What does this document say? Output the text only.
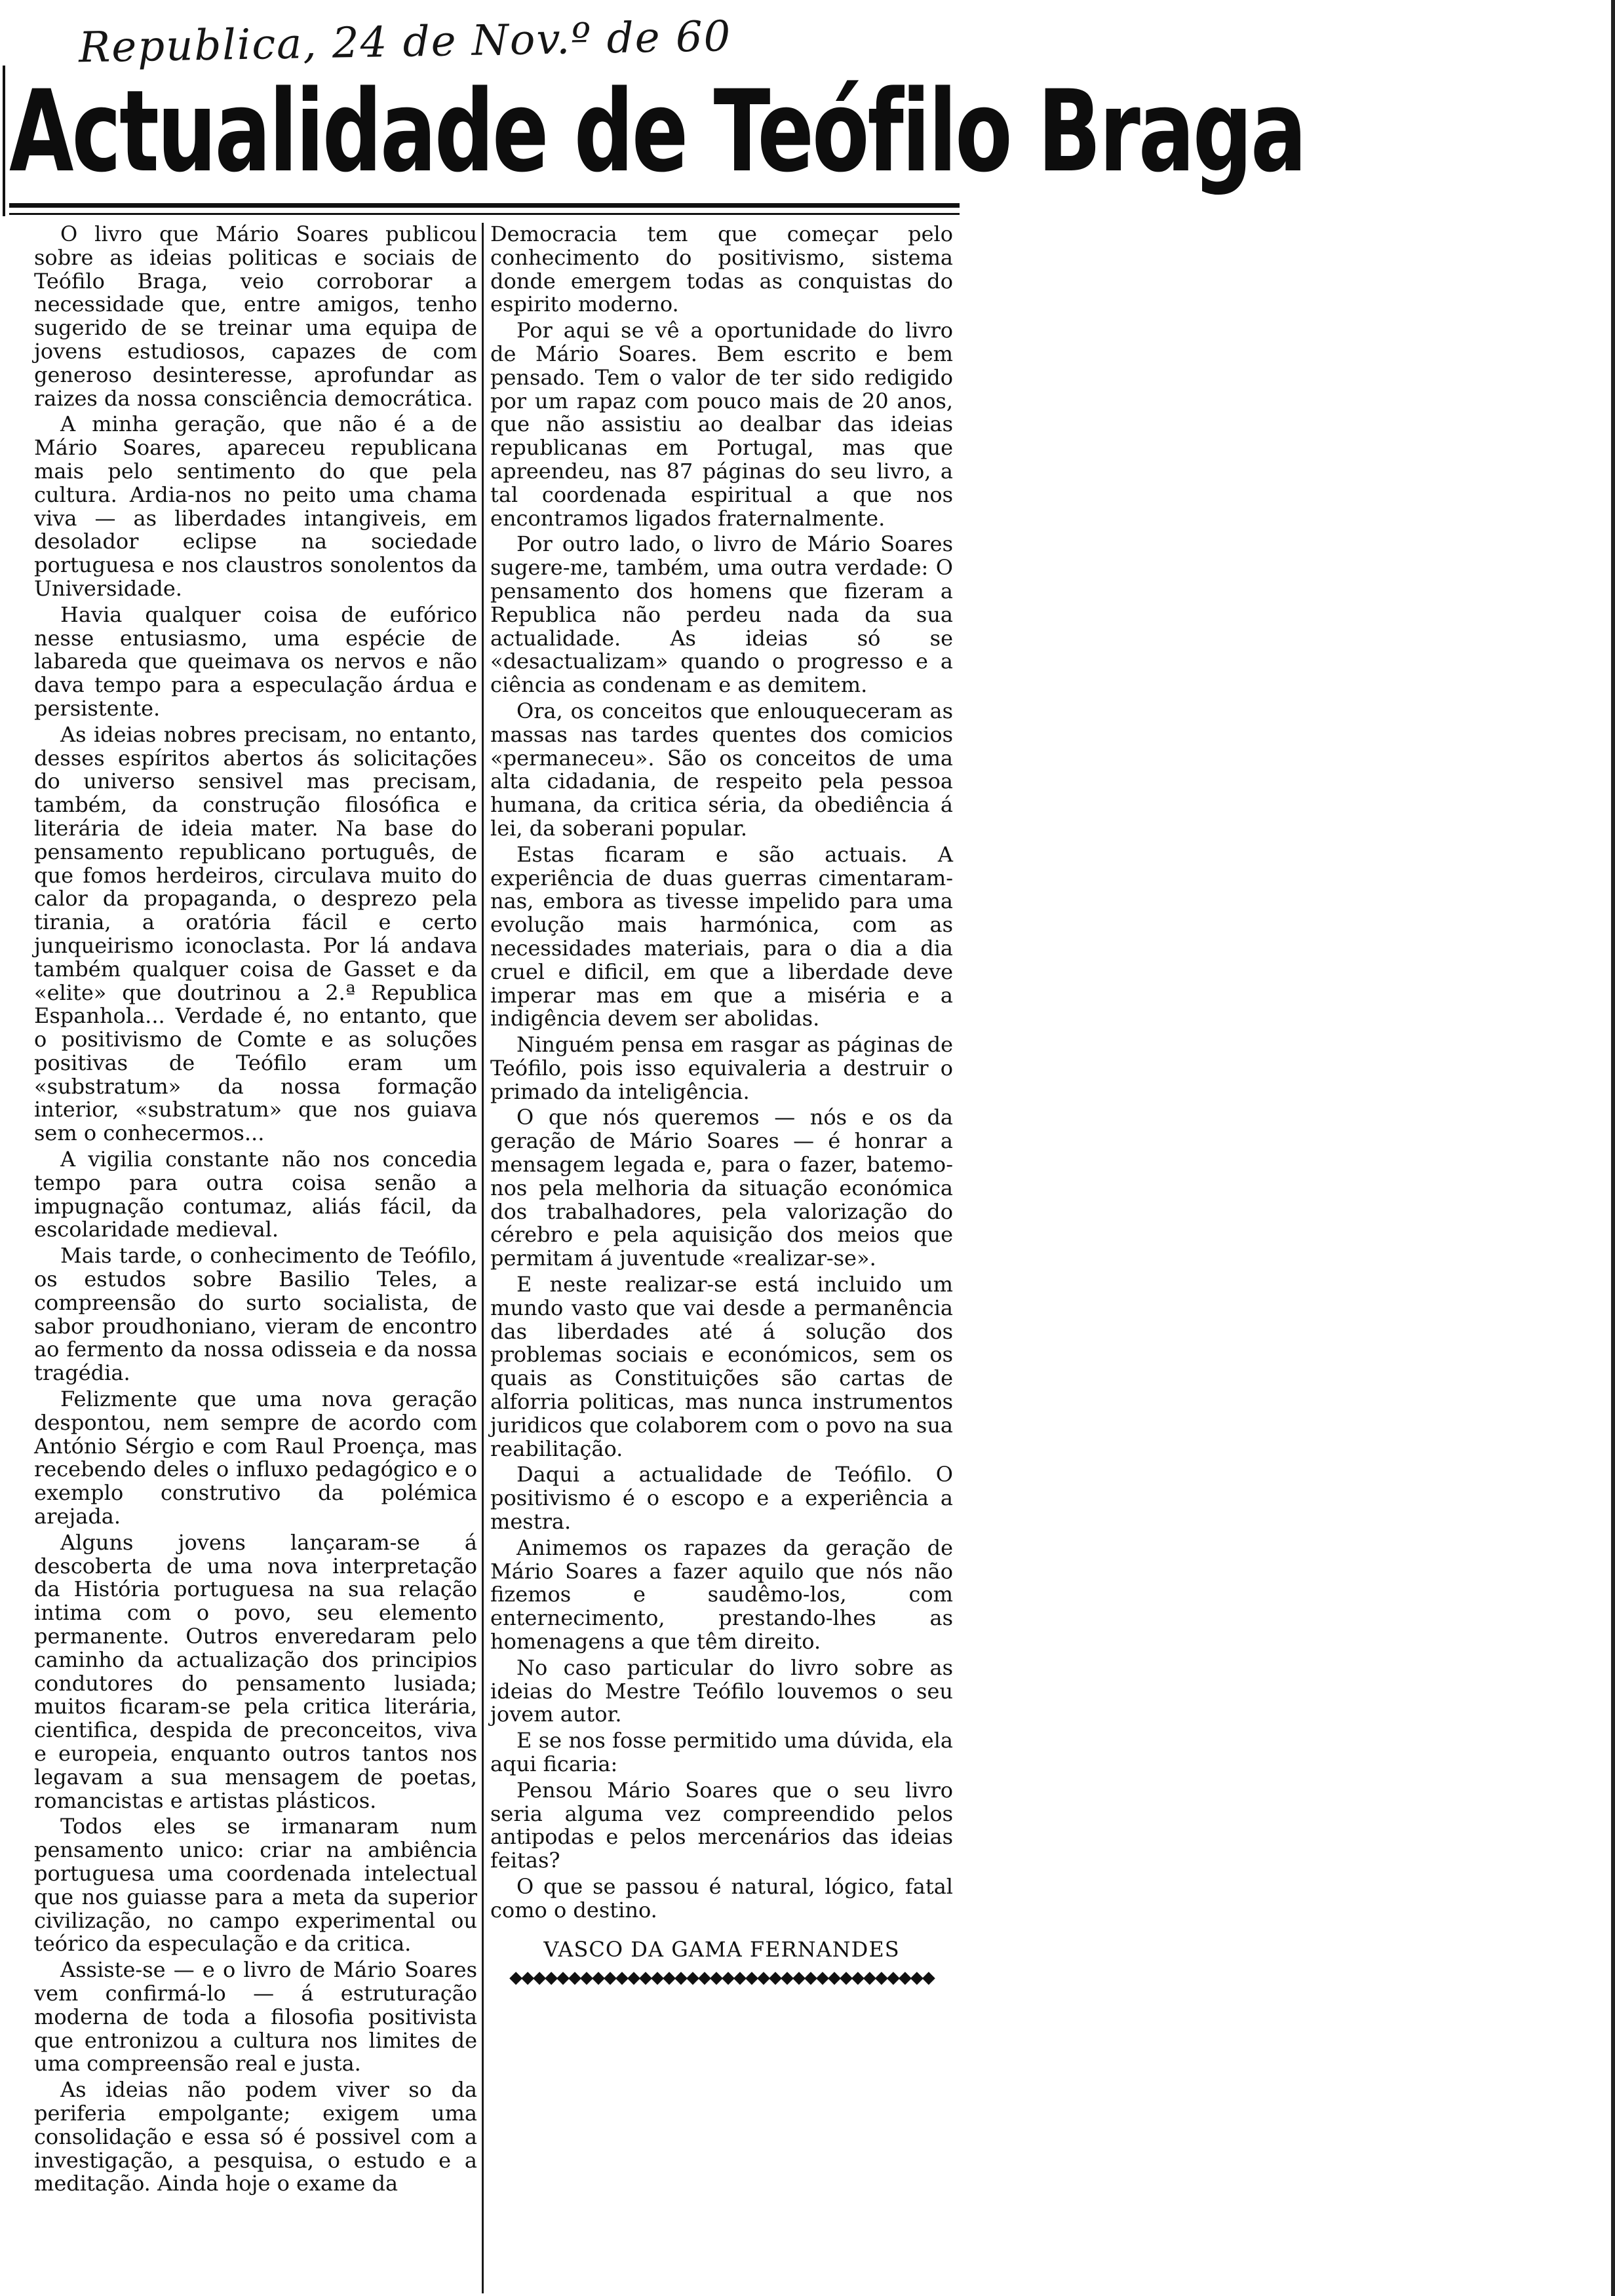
Republica, 24 de Nov.º de 60
Actualidade de Teófilo Braga

O livro que Mário Soares publicou sobre as ideias politicas e sociais de Teófilo Braga, veio corroborar a necessidade que, entre amigos, tenho sugerido de se treinar uma equipa de jovens estudiosos, capazes de com generoso desinteresse, aprofundar as raizes da nossa consciência democrática.

A minha geração, que não é a de Mário Soares, apareceu republicana mais pelo sentimento do que pela cultura. Ardia-nos no peito uma chama viva — as liberdades intangiveis, em desolador eclipse na sociedade portuguesa e nos claustros sonolentos da Universidade.

Havia qualquer coisa de eufórico nesse entusiasmo, uma espécie de labareda que queimava os nervos e não dava tempo para a especulação árdua e persistente.

As ideias nobres precisam, no entanto, desses espíritos abertos ás solicitações do universo sensivel mas precisam, também, da construção filosófica e literária de ideia mater. Na base do pensamento republicano português, de que fomos herdeiros, circulava muito do calor da propaganda, o desprezo pela tirania, a oratória fácil e certo junqueirismo iconoclasta. Por lá andava também qualquer coisa de Gasset e da «elite» que doutrinou a 2.ª Republica Espanhola... Verdade é, no entanto, que o positivismo de Comte e as soluções positivas de Teófilo eram um «substratum» da nossa formação interior, «substratum» que nos guiava sem o conhecermos...

A vigilia constante não nos concedia tempo para outra coisa senão a impugnação contumaz, aliás fácil, da escolaridade medieval.

Mais tarde, o conhecimento de Teófilo, os estudos sobre Basilio Teles, a compreensão do surto socialista, de sabor proudhoniano, vieram de encontro ao fermento da nossa odisseia e da nossa tragédia.

Felizmente que uma nova geração despontou, nem sempre de acordo com António Sérgio e com Raul Proença, mas recebendo deles o influxo pedagógico e o exemplo construtivo da polémica arejada.

Alguns jovens lançaram-se á descoberta de uma nova interpretação da História portuguesa na sua relação intima com o povo, seu elemento permanente. Outros enveredaram pelo caminho da actualização dos principios condutores do pensamento lusiada; muitos ficaram-se pela critica literária, cientifica, despida de preconceitos, viva e europeia, enquanto outros tantos nos legavam a sua mensagem de poetas, romancistas e artistas plásticos.

Todos eles se irmanaram num pensamento unico: criar na ambiência portuguesa uma coordenada intelectual que nos guiasse para a meta da superior civilização, no campo experimental ou teórico da especulação e da critica.

Assiste-se — e o livro de Mário Soares vem confirmá-lo — á estruturação moderna de toda a filosofia positivista que entronizou a cultura nos limites de uma compreensão real e justa.

As ideias não podem viver so da periferia empolgante; exigem uma consolidação e essa só é possivel com a investigação, a pesquisa, o estudo e a meditação. Ainda hoje o exame da

Democracia tem que começar pelo conhecimento do positivismo, sistema donde emergem todas as conquistas do espirito moderno.

Por aqui se vê a oportunidade do livro de Mário Soares. Bem escrito e bem pensado. Tem o valor de ter sido redigido por um rapaz com pouco mais de 20 anos, que não assistiu ao dealbar das ideias republicanas em Portugal, mas que apreendeu, nas 87 páginas do seu livro, a tal coordenada espiritual a que nos encontramos ligados fraternalmente.

Por outro lado, o livro de Mário Soares sugere-me, também, uma outra verdade: O pensamento dos homens que fizeram a Republica não perdeu nada da sua actualidade. As ideias só se «desactualizam» quando o progresso e a ciência as condenam e as demitem.

Ora, os conceitos que enlouqueceram as massas nas tardes quentes dos comicios «permaneceu». São os conceitos de uma alta cidadania, de respeito pela pessoa humana, da critica séria, da obediência á lei, da soberani popular.

Estas ficaram e são actuais. A experiência de duas guerras cimentaram-nas, embora as tivesse impelido para uma evolução mais harmónica, com as necessidades materiais, para o dia a dia cruel e dificil, em que a liberdade deve imperar mas em que a miséria e a indigência devem ser abolidas.

Ninguém pensa em rasgar as páginas de Teófilo, pois isso equivaleria a destruir o primado da inteligência.

O que nós queremos — nós e os da geração de Mário Soares — é honrar a mensagem legada e, para o fazer, batemo-nos pela melhoria da situação económica dos trabalhadores, pela valorização do cérebro e pela aquisição dos meios que permitam á juventude «realizar-se».

E neste realizar-se está incluido um mundo vasto que vai desde a permanência das liberdades até á solução dos problemas sociais e económicos, sem os quais as Constituições são cartas de alforria politicas, mas nunca instrumentos juridicos que colaborem com o povo na sua reabilitação.

Daqui a actualidade de Teófilo. O positivismo é o escopo e a experiência a mestra.

Animemos os rapazes da geração de Mário Soares a fazer aquilo que nós não fizemos e saudêmo-los, com enternecimento, prestando-lhes as homenagens a que têm direito.

No caso particular do livro sobre as ideias do Mestre Teófilo louvemos o seu jovem autor.

E se nos fosse permitido uma dúvida, ela aqui ficaria:

Pensou Mário Soares que o seu livro seria alguma vez compreendido pelos antipodas e pelos mercenários das ideias feitas?

O que se passou é natural, lógico, fatal como o destino.

VASCO DA GAMA FERNANDES
◆◆◆◆◆◆◆◆◆◆◆◆◆◆◆◆◆◆◆◆◆◆◆◆◆◆◆◆◆◆◆◆◆◆◆◆
